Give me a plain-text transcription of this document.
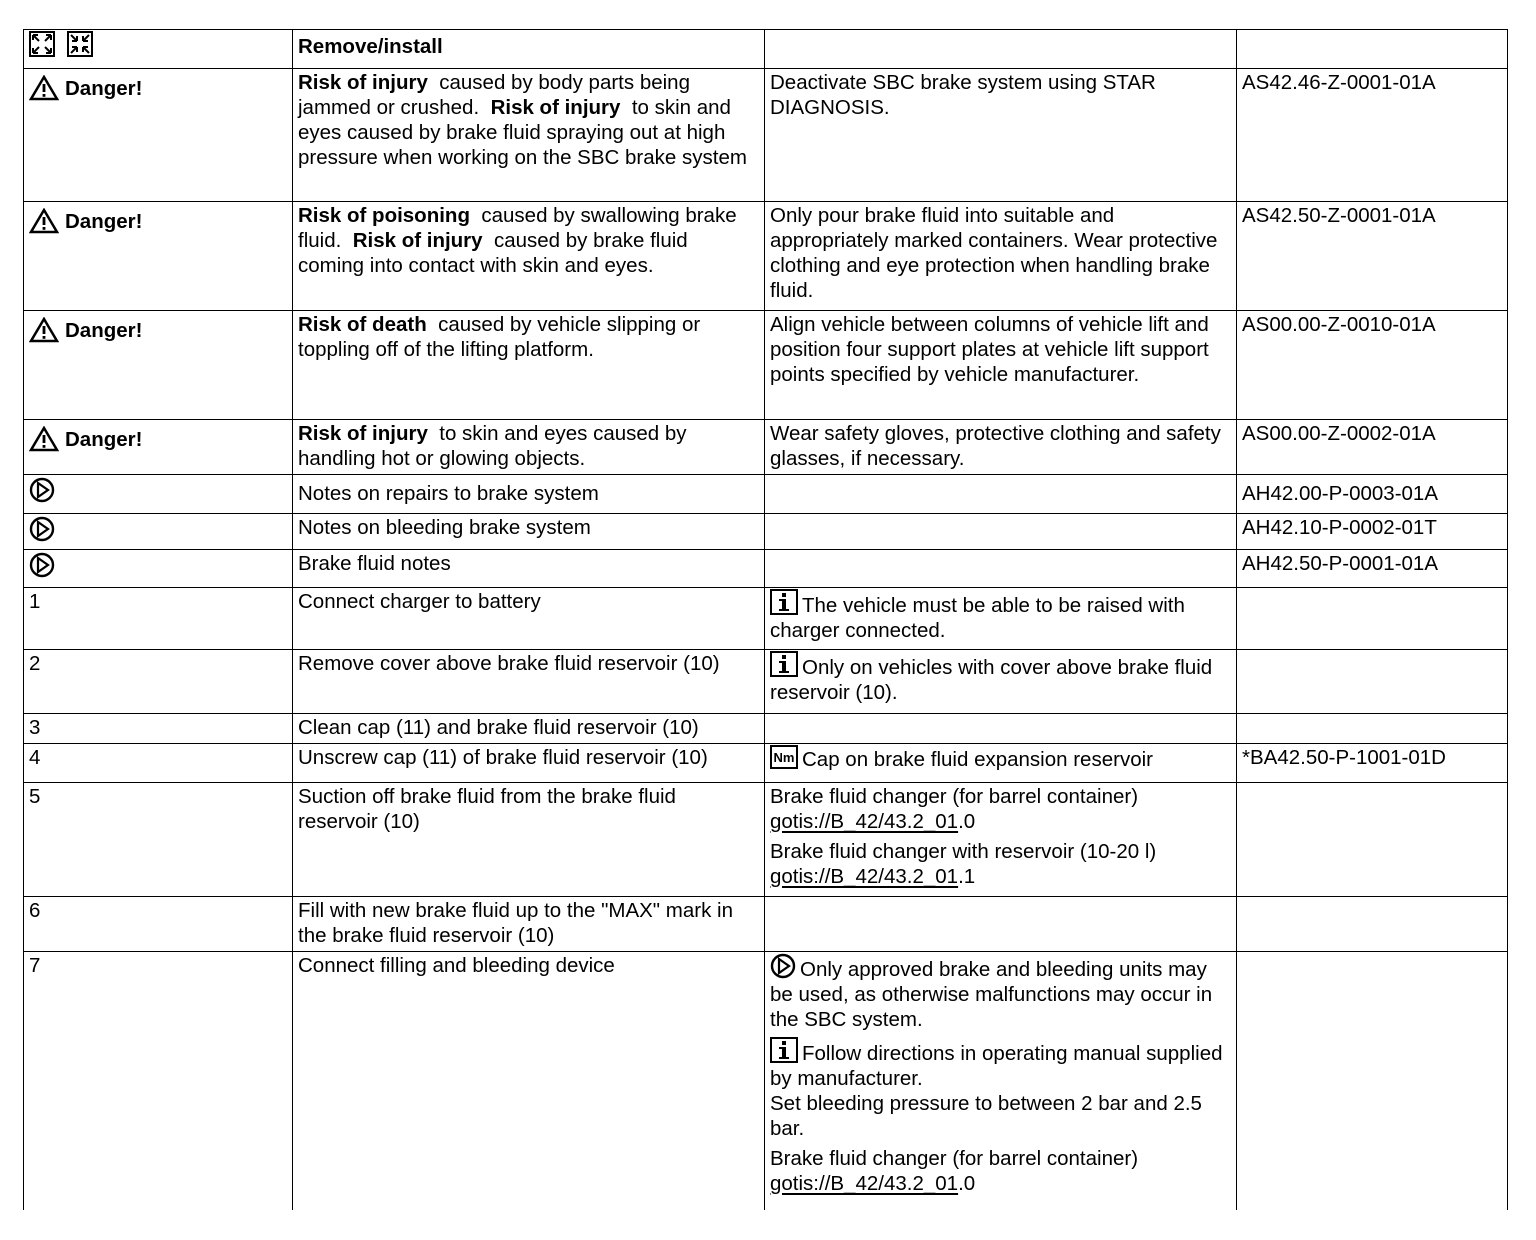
	Remove/install		

Danger!	Risk of injury  caused by body parts being jammed or crushed.  Risk of injury  to skin and eyes caused by brake fluid spraying out at high pressure when working on the SBC brake system	Deactivate SBC brake system using STAR DIAGNOSIS.	AS42.46-Z-0001-01A

Danger!	Risk of poisoning  caused by swallowing brake fluid.  Risk of injury  caused by brake fluid coming into contact with skin and eyes.	Only pour brake fluid into suitable and appropriately marked containers. Wear protective clothing and eye protection when handling brake fluid.	AS42.50-Z-0001-01A

Danger!	Risk of death  caused by vehicle slipping or toppling off of the lifting platform.	Align vehicle between columns of vehicle lift and position four support plates at vehicle lift support points specified by vehicle manufacturer.	AS00.00-Z-0010-01A

Danger!	Risk of injury  to skin and eyes caused by handling hot or glowing objects.	Wear safety gloves, protective clothing and safety glasses, if necessary.	AS00.00-Z-0002-01A
	Notes on repairs to brake system		AH42.00-P-0003-01A
	Notes on bleeding brake system		AH42.10-P-0002-01T
	Brake fluid notes		AH42.50-P-0001-01A
1	Connect charger to battery	The vehicle must be able to be raised with charger connected.	
2	Remove cover above brake fluid reservoir (10)	Only on vehicles with cover above brake fluid reservoir (10).	
3	Clean cap (11) and brake fluid reservoir (10)		
4	Unscrew cap (11) of brake fluid reservoir (10)	Nm Cap on brake fluid expansion reservoir	*BA42.50-P-1001-01D
5	Suction off brake fluid from the brake fluid reservoir (10)	Brake fluid changer (for barrel container)
gotis://B_42/43.2_01.0
Brake fluid changer with reservoir (10-20 l)
gotis://B_42/43.2_01.1	

6	Fill with new brake fluid up to the "MAX" mark in the brake fluid reservoir (10)		
7	Connect filling and bleeding device	Only approved brake and bleeding units may be used, as otherwise malfunctions may occur in the SBC system.
Follow directions in operating manual supplied by manufacturer.
Set bleeding pressure to between 2 bar and 2.5 bar.
Brake fluid changer (for barrel container)
gotis://B_42/43.2_01.0	
